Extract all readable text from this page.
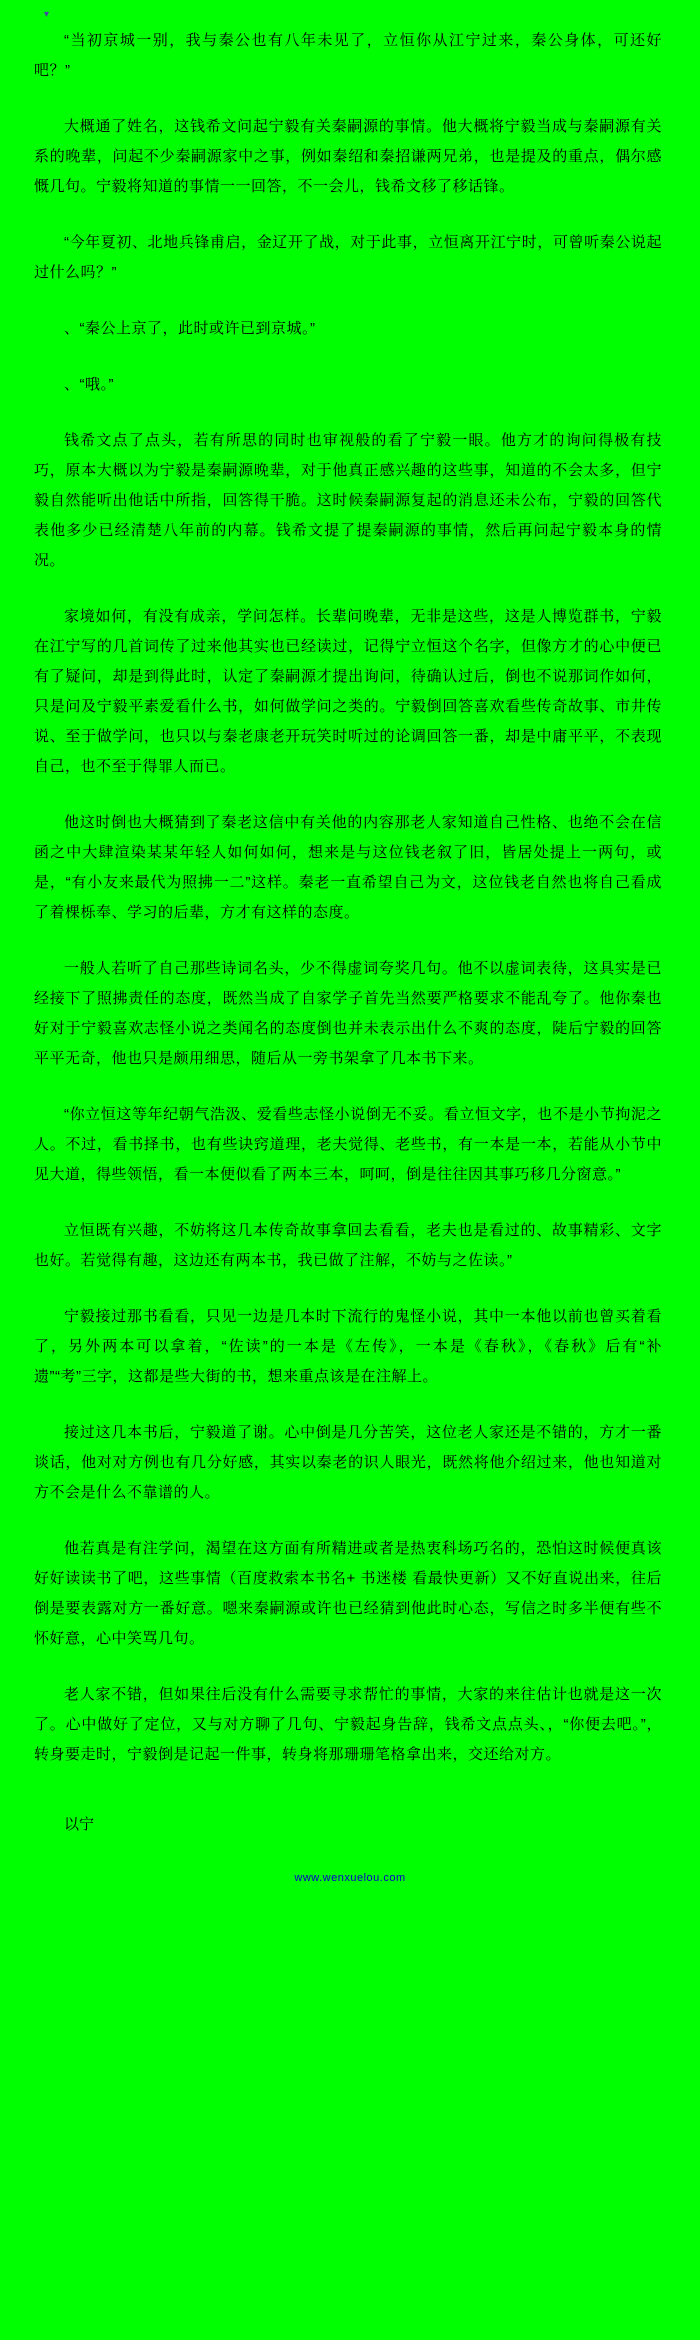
▾

“当初京城一别，我与秦公也有八年未见了，立恒你从江宁过来，秦公身体，可还好吧？”

大概通了姓名，这钱希文问起宁毅有关秦嗣源的事情。他大概将宁毅当成与秦嗣源有关系的晚辈，问起不少秦嗣源家中之事，例如秦绍和秦招谦两兄弟，也是提及的重点，偶尔感慨几句。宁毅将知道的事情一一回答，不一会儿，钱希文移了移话锋。

“今年夏初、北地兵锋甫启，金辽开了战，对于此事，立恒离开江宁时，可曾听秦公说起过什么吗？”

、“秦公上京了，此时或许已到京城。”

、“哦。”

钱希文点了点头，若有所思的同时也审视般的看了宁毅一眼。他方才的询问得极有技巧，原本大概以为宁毅是秦嗣源晚辈，对于他真正感兴趣的这些事，知道的不会太多，但宁毅自然能听出他话中所指，回答得干脆。这时候秦嗣源复起的消息还未公布，宁毅的回答代表他多少已经清楚八年前的内幕。钱希文提了提秦嗣源的事情，然后再问起宁毅本身的情况。

家境如何，有没有成亲，学问怎样。长辈问晚辈，无非是这些，这是人博览群书，宁毅在江宁写的几首词传了过来他其实也已经读过，记得宁立恒这个名字，但像方才的心中便已有了疑问，却是到得此时，认定了秦嗣源才提出询问，待确认过后，倒也不说那词作如何，只是问及宁毅平素爱看什么书，如何做学问之类的。宁毅倒回答喜欢看些传奇故事、市井传说、至于做学问，也只以与秦老康老开玩笑时听过的论调回答一番，却是中庸平平，不表现自己，也不至于得罪人而已。

他这时倒也大概猜到了秦老这信中有关他的内容那老人家知道自己性格、也绝不会在信函之中大肆渲染某某年轻人如何如何，想来是与这位钱老叙了旧，皆居处提上一两句，或是，“有小友来最代为照拂一二”这样。秦老一直希望自己为文，这位钱老自然也将自己看成了着棵栎奉、学习的后辈，方才有这样的态度。

一般人若听了自己那些诗词名头，少不得虚词夸奖几句。他不以虚词表待，这具实是已经接下了照拂责任的态度，既然当成了自家学子首先当然要严格要求不能乱夸了。他你秦也好对于宁毅喜欢志怪小说之类闻名的态度倒也并未表示出什么不爽的态度，陡后宁毅的回答平平无奇，他也只是颇用细思，随后从一旁书架拿了几本书下来。

“你立恒这等年纪朝气浩汲、爱看些志怪小说倒无不妥。看立恒文字，也不是小节拘泥之人。不过，看书择书，也有些诀窍道理，老夫觉得、老些书，有一本是一本，若能从小节中见大道，得些领悟，看一本便似看了两本三本，呵呵，倒是往往因其事巧移几分窗意。”

立恒既有兴趣，不妨将这几本传奇故事拿回去看看，老夫也是看过的、故事精彩、文字也好。若觉得有趣，这边还有两本书，我已做了注解，不妨与之佐读。”

宁毅接过那书看看，只见一边是几本时下流行的鬼怪小说，其中一本他以前也曾买着看了，另外两本可以拿着，“佐读”的一本是《左传》，一本是《春秋》，《春秋》后有“补遗”“考”三字，这都是些大街的书，想来重点该是在注解上。

接过这几本书后，宁毅道了谢。心中倒是几分苦笑，这位老人家还是不错的，方才一番谈话，他对对方例也有几分好感，其实以秦老的识人眼光，既然将他介绍过来，他也知道对方不会是什么不靠谱的人。

他若真是有注学问，渴望在这方面有所精进或者是热衷科场巧名的，恐怕这时候便真该好好读读书了吧，这些事情（百度救索本书名+ 书迷楼 看最快更新）又不好直说出来，往后倒是要表露对方一番好意。嗯来秦嗣源或许也已经猜到他此时心态，写信之时多半便有些不怀好意，心中笑骂几句。

老人家不错，但如果往后没有什么需要寻求帮忙的事情，大家的来往估计也就是这一次了。心中做好了定位，又与对方聊了几句、宁毅起身告辞，钱希文点点头、，“你便去吧。”，转身要走时，宁毅倒是记起一件事，转身将那珊珊笔格拿出来，交还给对方。

以宁
www.wenxuelou.com
